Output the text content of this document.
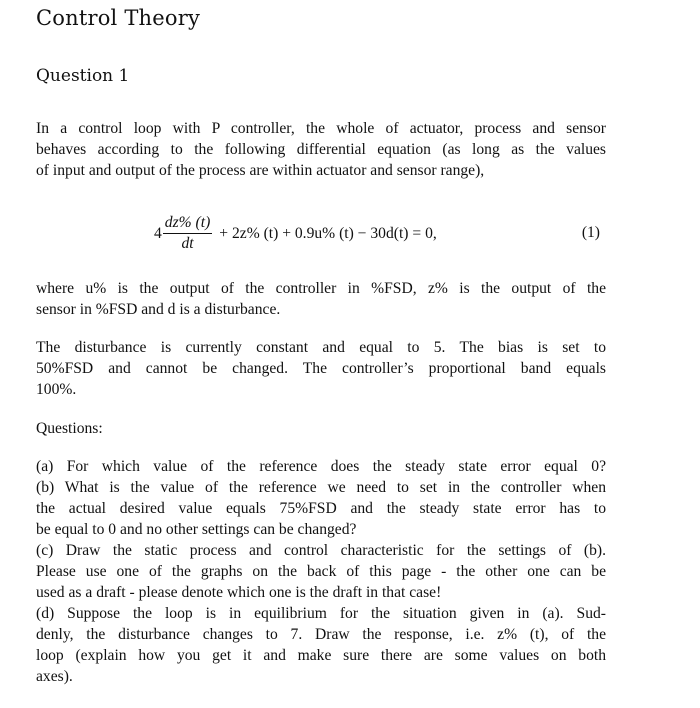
Control Theory
Question 1
In a control loop with P controller, the whole of actuator, process and sensor
behaves according to the following differential equation (as long as the values
of input and output of the process are within actuator and sensor range),
$4 \frac{dz\% (t)}{dt} + 2z\%$ (t) + 0.9u% (t) − 30d(t) = 0,	(1)
where u% is the output of the controller in %FSD, z% is the output of the
sensor in %FSD and d is a disturbance.
The disturbance is currently constant and equal to 5. The bias is set to
50%FSD and cannot be changed. The controller’s proportional band equals
100%.
Questions:
(a) For which value of the reference does the steady state error equal 0?
(b) What is the value of the reference we need to set in the controller when
the actual desired value equals 75%FSD and the steady state error has to
be equal to 0 and no other settings can be changed?
(c) Draw the static process and control characteristic for the settings of (b).
Please use one of the graphs on the back of this page - the other one can be
used as a draft - please denote which one is the draft in that case!
(d) Suppose the loop is in equilibrium for the situation given in (a). Sud-
denly, the disturbance changes to 7. Draw the response, i.e. z% (t), of the
loop (explain how you get it and make sure there are some values on both
axes).
